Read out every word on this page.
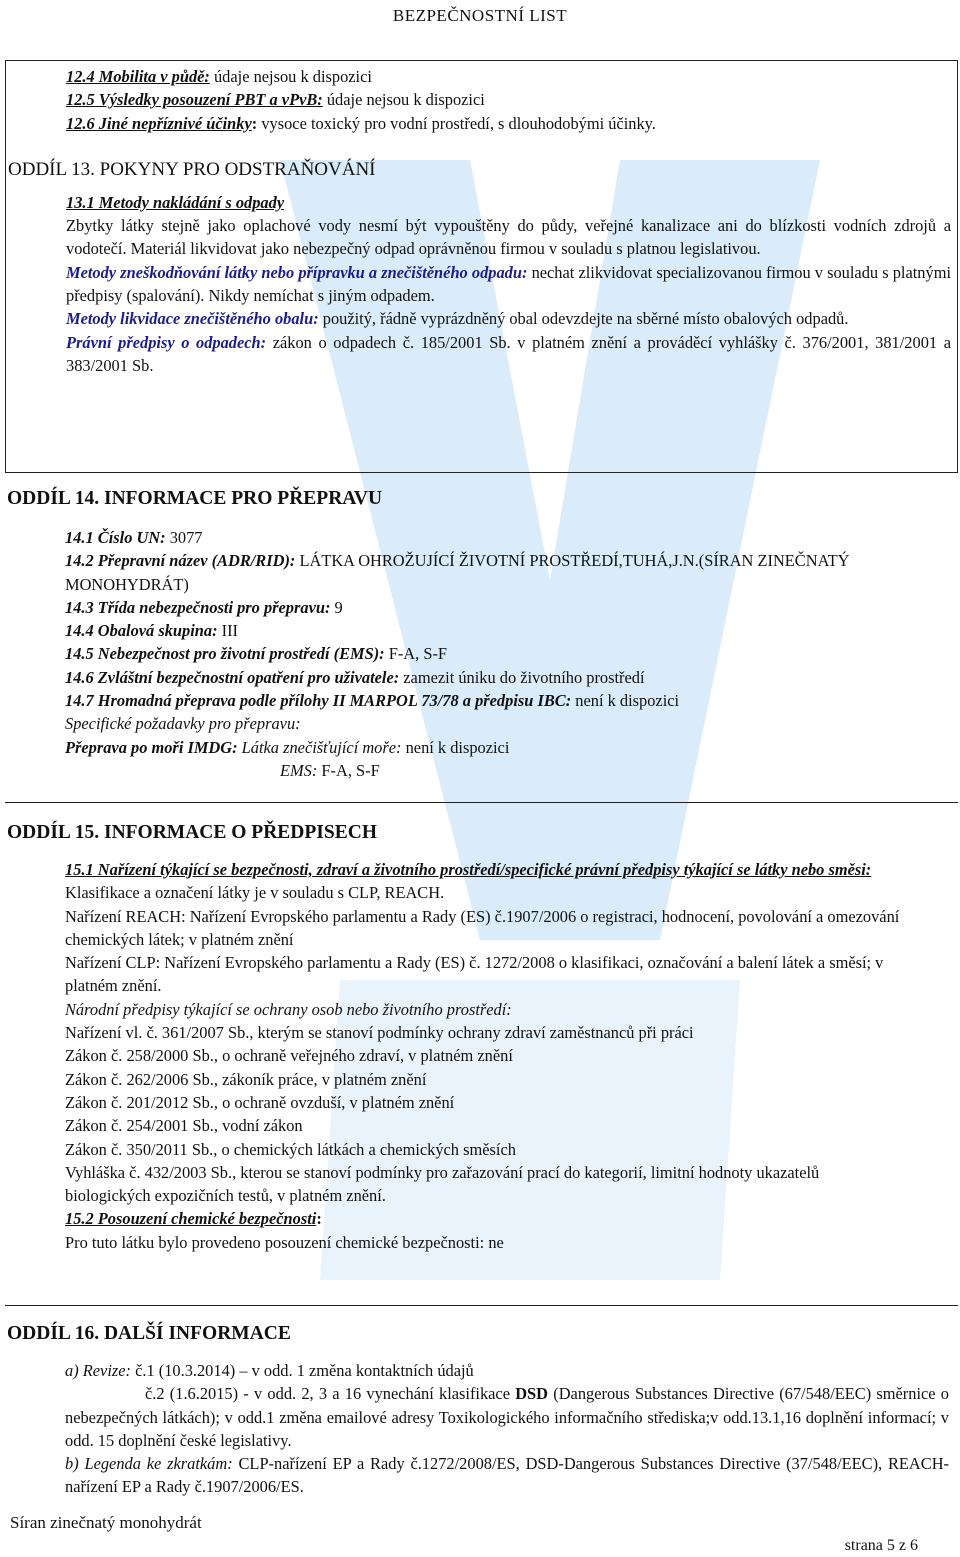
BEZPEČNOSTNÍ LIST
12.4 Mobilita v půdě: údaje nejsou k dispozici
12.5 Výsledky posouzení PBT a vPvB: údaje nejsou k dispozici
12.6 Jiné nepříznivé účinky: vysoce toxický pro vodní prostředí, s dlouhodobými účinky.
ODDÍL 13. POKYNY PRO ODSTRAŇOVÁNÍ
13.1 Metody nakládání s odpady
Zbytky látky stejně jako oplachové vody nesmí být vypouštěny do půdy, veřejné kanalizace ani do blízkosti vodních zdrojů a vodotečí. Materiál likvidovat jako nebezpečný odpad oprávněnou firmou v souladu s platnou legislativou.
Metody zneškodňování látky nebo přípravku a znečištěného odpadu: nechat zlikvidovat specializovanou firmou v souladu s platnými předpisy (spalování). Nikdy nemíchat s jiným odpadem.
Metody likvidace znečištěného obalu: použitý, řádně vyprázdněný obal odevzdejte na sběrné místo obalových odpadů.
Právní předpisy o odpadech: zákon o odpadech č. 185/2001 Sb. v platném znění a prováděcí vyhlášky č. 376/2001, 381/2001 a 383/2001 Sb.
ODDÍL 14. INFORMACE PRO PŘEPRAVU
14.1 Číslo UN: 3077
14.2 Přepravní název (ADR/RID): LÁTKA OHROŽUJÍCÍ ŽIVOTNÍ PROSTŘEDÍ,TUHÁ,J.N.(SÍRAN ZINEČNATÝ MONOHYDRÁT)
14.3 Třída nebezpečnosti pro přepravu: 9
14.4 Obalová skupina: III
14.5 Nebezpečnost pro životní prostředí (EMS): F-A, S-F
14.6 Zvláštní bezpečnostní opatření pro uživatele: zamezit úniku do životního prostředí
14.7 Hromadná přeprava podle přílohy II MARPOL 73/78 a předpisu IBC: není k dispozici
Specifické požadavky pro přepravu:
Přeprava po moři IMDG: Látka znečišťující moře: není k dispozici
EMS: F-A, S-F
ODDÍL 15. INFORMACE O PŘEDPISECH
15.1 Nařízení týkající se bezpečnosti, zdraví a životního prostředí/specifické právní předpisy týkající se látky nebo směsi:
Klasifikace a označení látky je v souladu s CLP, REACH.
Nařízení REACH: Nařízení Evropského parlamentu a Rady (ES) č.1907/2006 o registraci, hodnocení, povolování a omezování chemických látek; v platném znění
Nařízení CLP: Nařízení Evropského parlamentu a Rady (ES) č. 1272/2008 o klasifikaci, označování a balení látek a směsí; v platném znění.
Národní předpisy týkající se ochrany osob nebo životního prostředí:
Nařízení vl. č. 361/2007 Sb., kterým se stanoví podmínky ochrany zdraví zaměstnanců při práci
Zákon č. 258/2000 Sb., o ochraně veřejného zdraví, v platném znění
Zákon č. 262/2006 Sb., zákoník práce, v platném znění
Zákon č. 201/2012 Sb., o ochraně ovzduší, v platném znění
Zákon č. 254/2001 Sb., vodní zákon
Zákon č. 350/2011 Sb., o chemických látkách a chemických směsích
Vyhláška č. 432/2003 Sb., kterou se stanoví podmínky pro zařazování prací do kategorií, limitní hodnoty ukazatelů biologických expozičních testů, v platném znění.
15.2 Posouzení chemické bezpečnosti:
Pro tuto látku bylo provedeno posouzení chemické bezpečnosti: ne
ODDÍL 16. DALŠÍ INFORMACE
a) Revize: č.1 (10.3.2014) – v odd. 1 změna kontaktních údajů
č.2 (1.6.2015) - v odd. 2, 3 a 16 vynechání klasifikace DSD (Dangerous Substances Directive (67/548/EEC) směrnice o nebezpečných látkách); v odd.1 změna emailové adresy Toxikologického informačního střediska;v odd.13.1,16 doplnění informací; v odd. 15 doplnění české legislativy.
b) Legenda ke zkratkám: CLP-nařízení EP a Rady č.1272/2008/ES, DSD-Dangerous Substances Directive (37/548/EEC), REACH-nařízení EP a Rady č.1907/2006/ES.
Síran zinečnatý monohydrát
strana 5 z 6
